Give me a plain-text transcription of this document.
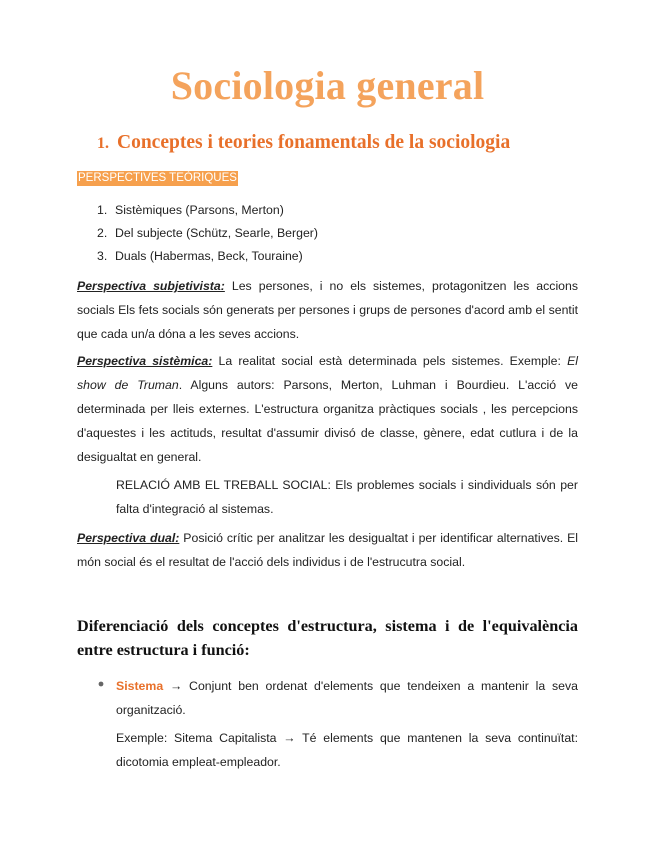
Sociologia general
1. Conceptes i teories fonamentals de la sociologia
PERSPECTIVES TEÒRIQUES
1. Sistèmiques (Parsons, Merton)
2. Del subjecte (Schütz, Searle, Berger)
3. Duals (Habermas, Beck, Touraine)
Perspectiva subjetivista: Les persones, i no els sistemes, protagonitzen les accions socials Els fets socials són generats per persones i grups de persones d'acord amb el sentit que cada un/a dóna a les seves accions.
Perspectiva sistèmica: La realitat social està determinada pels sistemes. Exemple: El show de Truman. Alguns autors: Parsons, Merton, Luhman i Bourdieu. L'acció ve determinada per lleis externes. L'estructura organitza pràctiques socials , les percepcions d'aquestes i les actituds, resultat d'assumir divisó de classe, gènere, edat cutlura i de la desigualtat en general.
RELACIÓ AMB EL TREBALL SOCIAL: Els problemes socials i sindividuals són per falta d'integració al sistemas.
Perspectiva dual: Posició crític per analitzar les desigualtat i per identificar alternatives. El món social és el resultat de l'acció dels individus i de l'estrucutra social.
Diferenciació dels conceptes d'estructura, sistema i de l'equivalència entre estructura i funció:
Sistema → Conjunt ben ordenat d'elements que tendeixen a mantenir la seva organització.
Exemple: Sitema Capitalista → Té elements que mantenen la seva continuïtat: dicotomia empleat-empleador.
